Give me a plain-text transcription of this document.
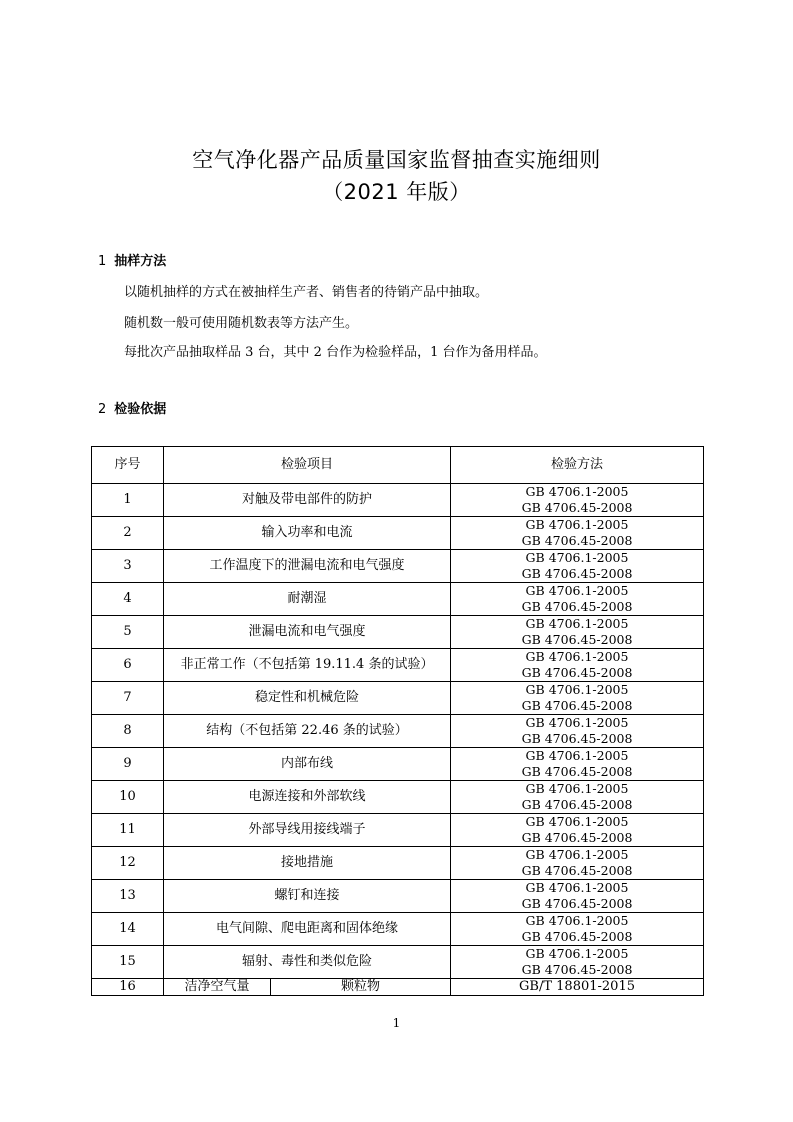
空气净化器产品质量国家监督抽查实施细则
（2021 年版）
1 抽样方法
以随机抽样的方式在被抽样生产者、销售者的待销产品中抽取。
随机数一般可使用随机数表等方法产生。
每批次产品抽取样品 3 台，其中 2 台作为检验样品，1 台作为备用样品。
2 检验依据
序号	检验项目		检验方法
1	对触及带电部件的防护		GB 4706.1-2005
GB 4706.45-2008

2	输入功率和电流		GB 4706.1-2005
GB 4706.45-2008

3	工作温度下的泄漏电流和电气强度		GB 4706.1-2005
GB 4706.45-2008

4	耐潮湿		GB 4706.1-2005
GB 4706.45-2008

5	泄漏电流和电气强度		GB 4706.1-2005
GB 4706.45-2008

6	非正常工作（不包括第 19.11.4 条的试验）		GB 4706.1-2005
GB 4706.45-2008

7	稳定性和机械危险		GB 4706.1-2005
GB 4706.45-2008

8	结构（不包括第 22.46 条的试验）		GB 4706.1-2005
GB 4706.45-2008

9	内部布线		GB 4706.1-2005
GB 4706.45-2008

10	电源连接和外部软线		GB 4706.1-2005
GB 4706.45-2008

11	外部导线用接线端子		GB 4706.1-2005
GB 4706.45-2008

12	接地措施		GB 4706.1-2005
GB 4706.45-2008

13	螺钉和连接		GB 4706.1-2005
GB 4706.45-2008

14	电气间隙、爬电距离和固体绝缘		GB 4706.1-2005
GB 4706.45-2008

15	辐射、毒性和类似危险		GB 4706.1-2005
GB 4706.45-2008

16	洁净空气量	颗粒物	GB/T 18801-2015
1
